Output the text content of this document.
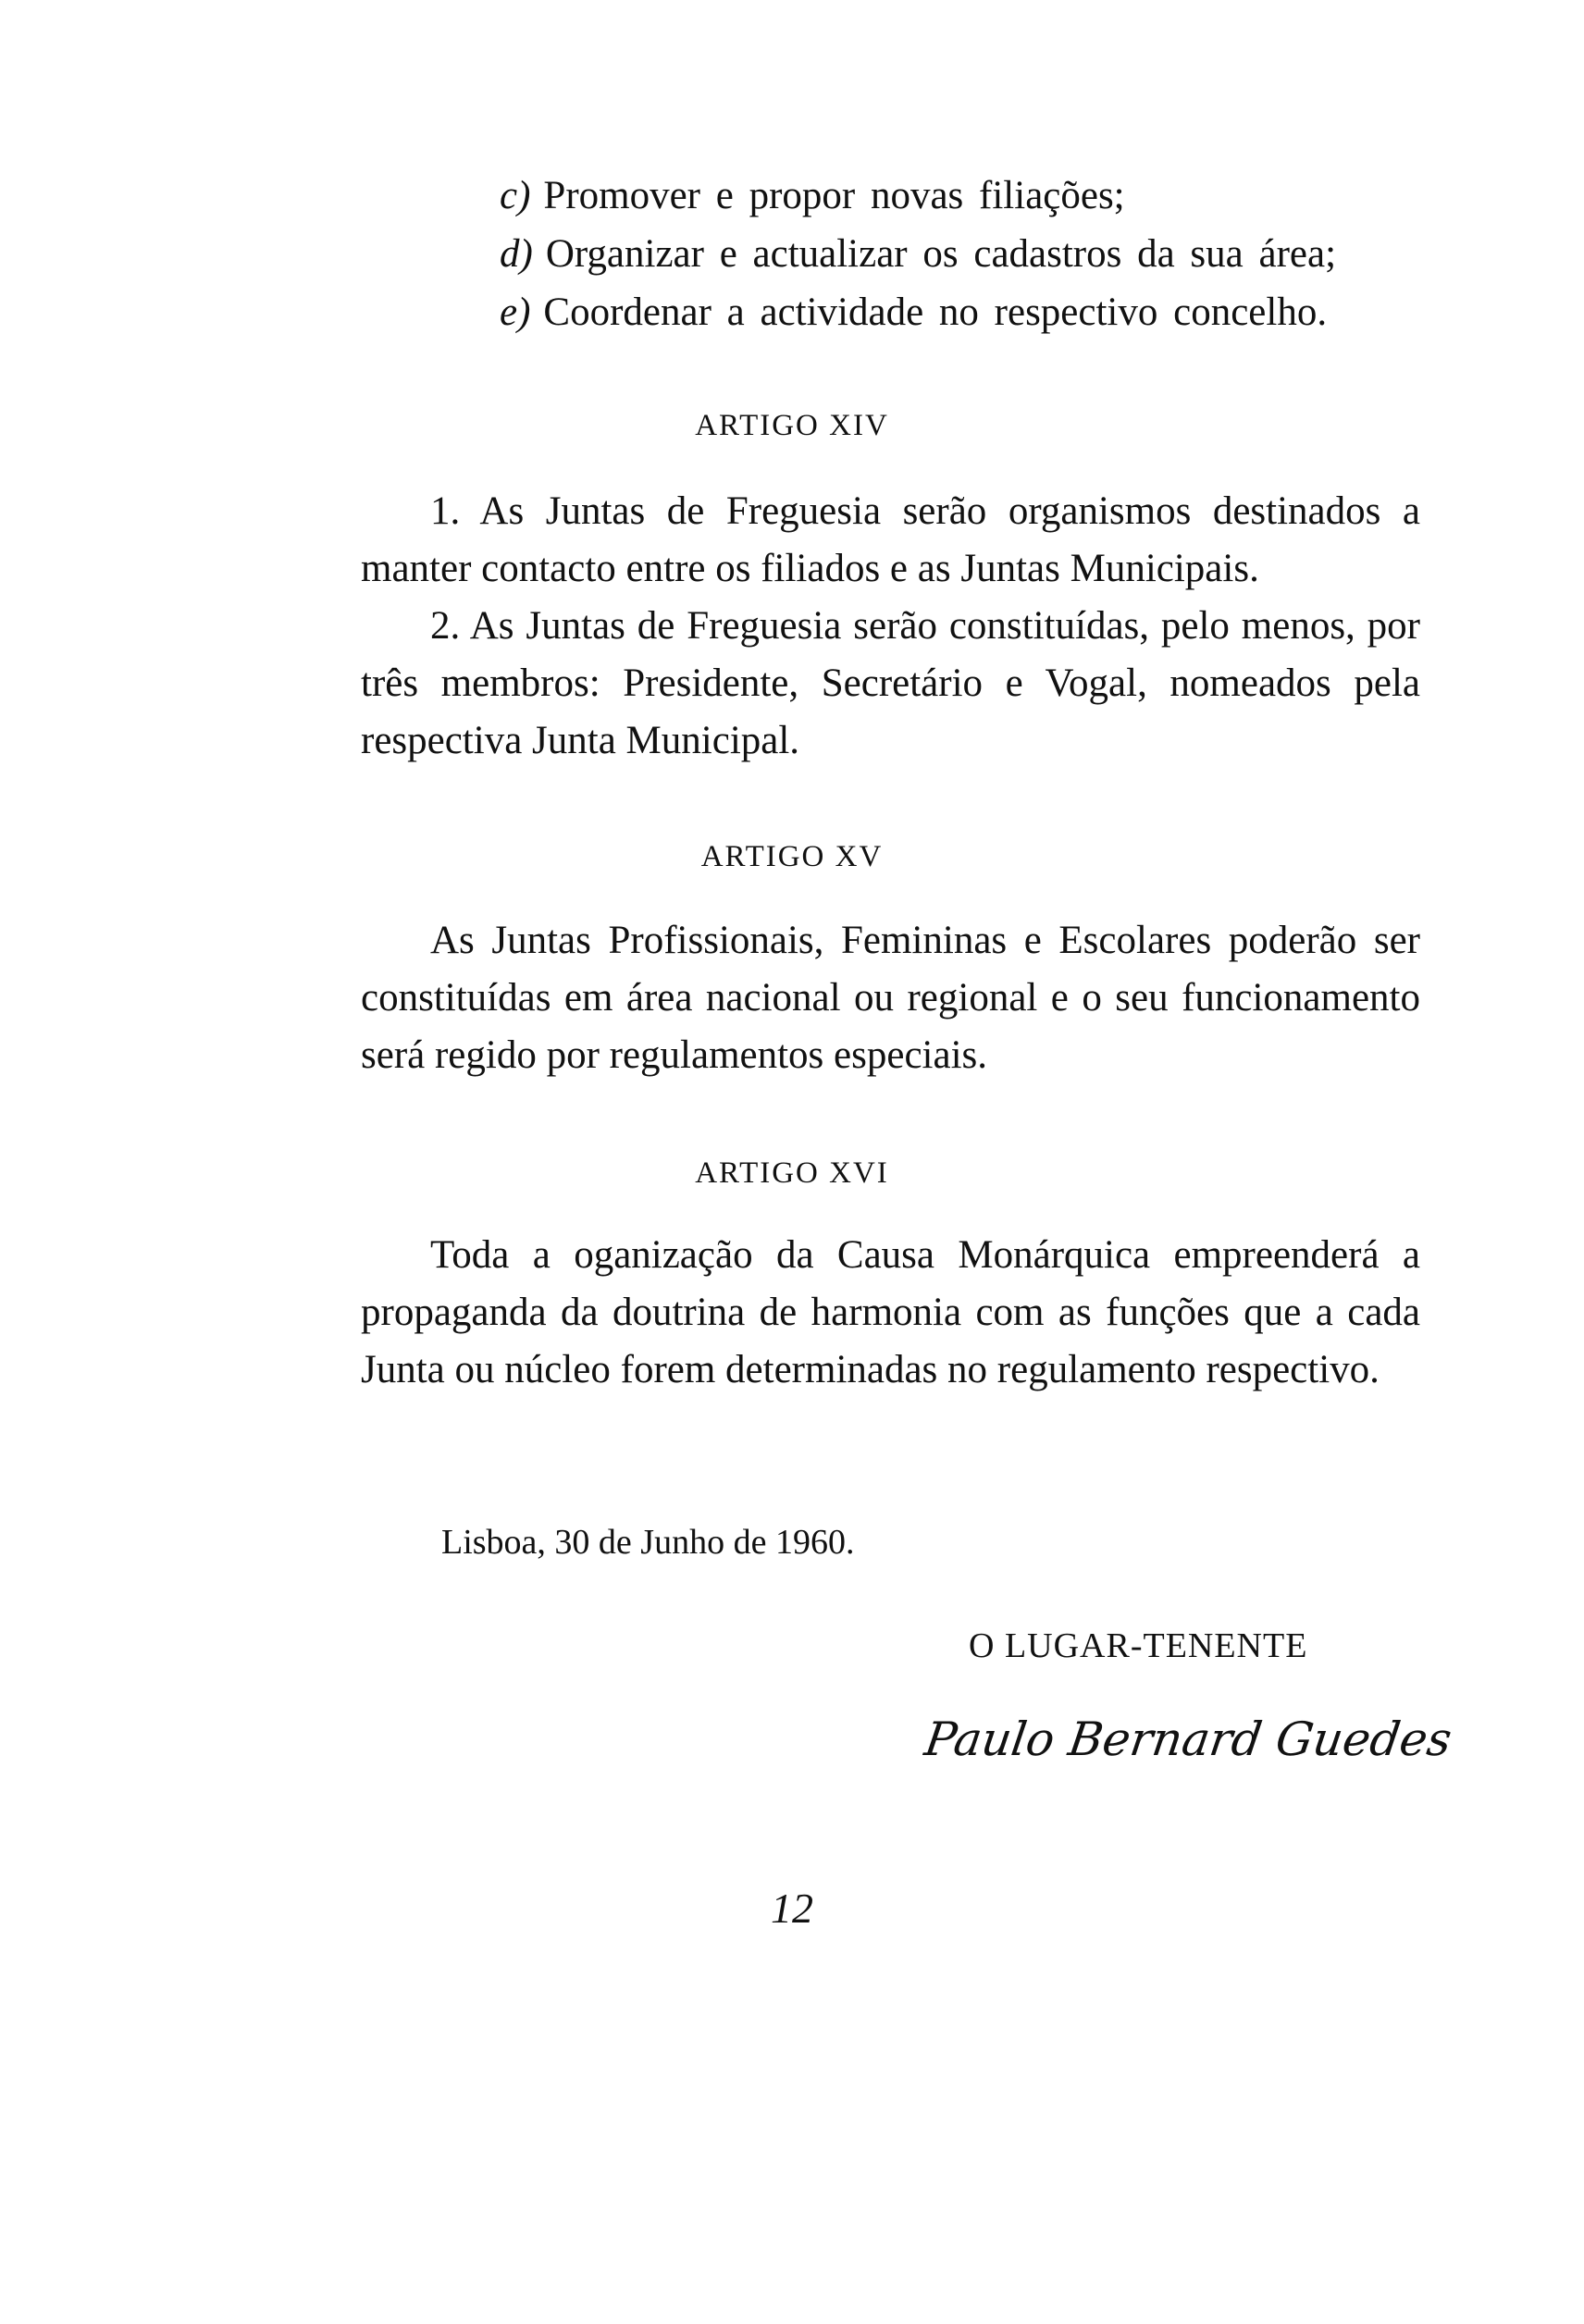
c) Promover e propor novas filiações;
d) Organizar e actualizar os cadastros da sua área;
e) Coordenar a actividade no respectivo concelho.
ARTIGO XIV

1. As Juntas de Freguesia serão organismos destinados a manter contacto entre os filiados e as Juntas Municipais.

2. As Juntas de Freguesia serão constituídas, pelo menos, por três membros: Presidente, Secretário e Vogal, nomeados pela respectiva Junta Municipal.

ARTIGO XV

As Juntas Profissionais, Femininas e Escolares poderão ser constituídas em área nacional ou regional e o seu funcionamento será regido por regulamentos especiais.

ARTIGO XVI

Toda a oganização da Causa Monárquica empreenderá a propaganda da doutrina de harmonia com as funções que a cada Junta ou núcleo forem determinadas no regulamento respectivo.

Lisboa, 30 de Junho de 1960.
O LUGAR-TENENTE
Paulo Bernard Guedes
12
